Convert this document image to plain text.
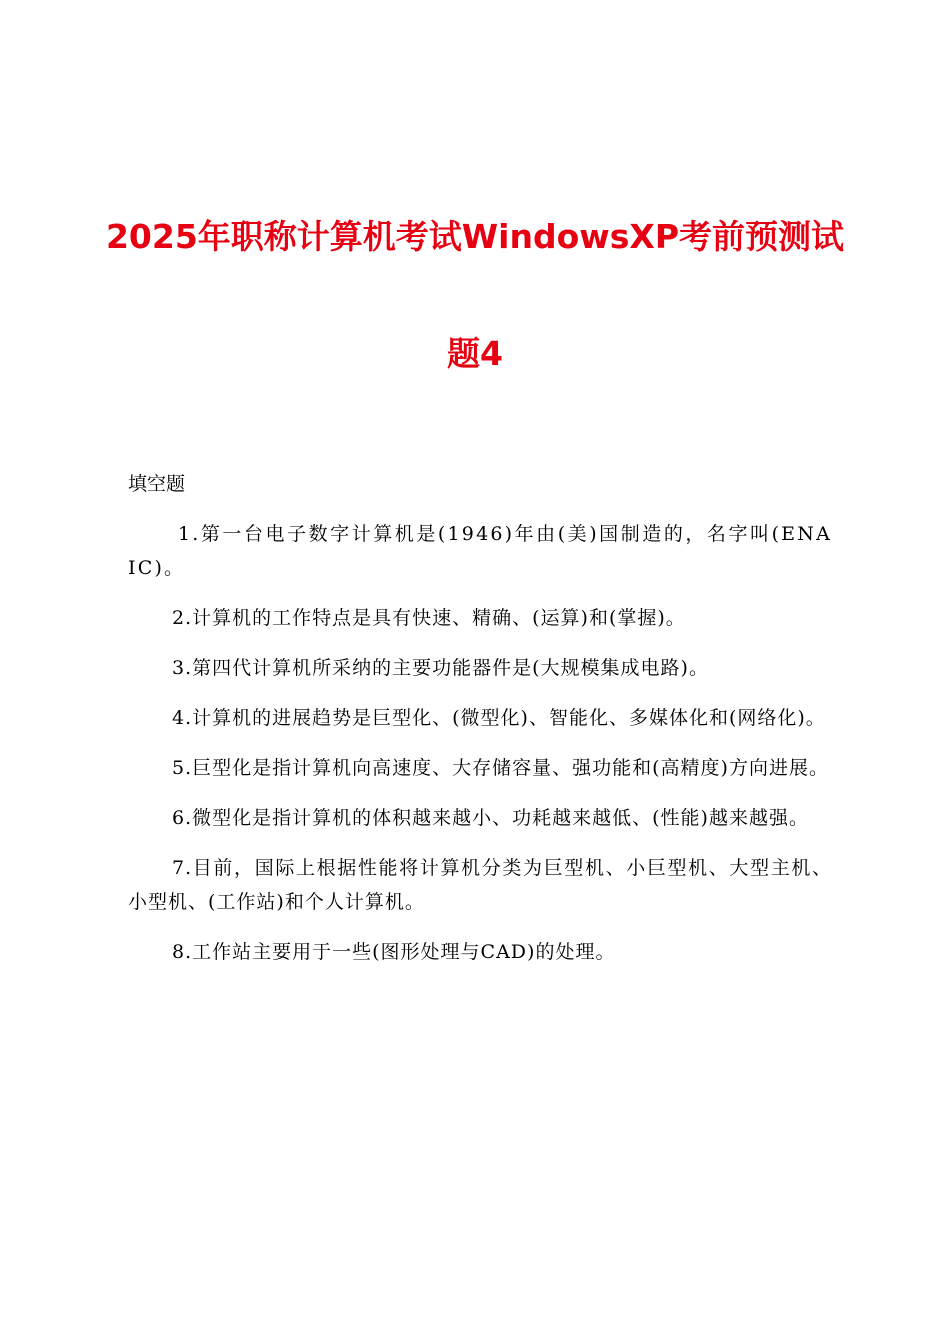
2025年职称计算机考试WindowsXP考前预测试
题4
填空题

1.第一台电子数字计算机是(1946)年由(美)国制造的，名字叫(ENAIC)。

2.计算机的工作特点是具有快速、精确、(运算)和(掌握)。

3.第四代计算机所采纳的主要功能器件是(大规模集成电路)。

4.计算机的进展趋势是巨型化、(微型化)、智能化、多媒体化和(网络化)。

5.巨型化是指计算机向高速度、大存储容量、强功能和(高精度)方向进展。

6.微型化是指计算机的体积越来越小、功耗越来越低、(性能)越来越强。

7.目前，国际上根据性能将计算机分类为巨型机、小巨型机、大型主机、小型机、(工作站)和个人计算机。

8.工作站主要用于一些(图形处理与CAD)的处理。
